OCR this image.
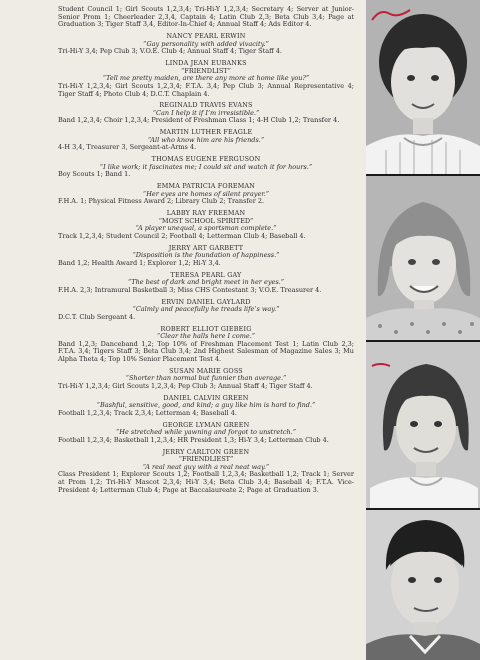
Student Council 1; Girl Scouts 1,2,3,4; Tri-Hi-Y 1,2,3,4; Secretary 4; Server at Junior-Senior Prom 1; Cheerleader 2,3,4, Captain 4; Latin Club 2,3; Beta Club 3,4; Page at Graduation 3; Tiger Staff 3,4, Editor-In-Chief 4; Annual Staff 4; Ads Editor 4.

NANCY PEARL ERWIN

“Gay personality with added vivacity.”

Tri-Hi-Y 3,4; Pep Club 3; V.O.E. Club 4; Annual Staff 4; Tiger Staff 4.

LINDA JEAN EUBANKS

“FRIENDLIST”

“Tell me pretty maiden, are there any more at home like you?”

Tri-Hi-Y 1,2,3,4; Girl Scouts 1,2,3,4; F.T.A. 3,4; Pep Club 3; Annual Representative 4; Tiger Staff 4; Photo Club 4; D.C.T. Chaplain 4.

REGINALD TRAVIS EVANS

“Can I help it if I’m irresistible.”

Band 1,2,3,4; Choir 1,2,3,4; President of Freshman Class 1; 4-H Club 1,2; Transfer 4.

MARTIN LUTHER FEAGLE

“All who know him are his friends.”

4-H 3,4, Treasurer 3, Sergeant-at-Arms 4.

THOMAS EUGENE FERGUSON

“I like work; it fascinates me; I could sit and watch it for hours.”

Boy Scouts 1; Band 1.

EMMA PATRICIA FOREMAN

“Her eyes are homes of silent prayer.”

F.H.A. 1; Physical Fitness Award 2; Library Club 2; Transfer 2.

LABBY RAY FREEMAN

“MOST SCHOOL SPIRITED”

“A player unequal, a sportsman complete.”

Track 1,2,3,4; Student Council 2; Football 4; Letterman Club 4; Baseball 4.

JERRY ART GARBETT

“Disposition is the foundation of happiness.”

Band 1,2; Health Award 1; Explorer 1,2; Hi-Y 3,4.

TERESA PEARL GAY

“The best of dark and bright meet in her eyes.”

F.H.A. 2,3; Intramural Basketball 3; Miss CHS Contestant 3; V.O.E. Treasurer 4.

ERVIN DANIEL GAYLARD

“Calmly and peacefully he treads life’s way.”

D.C.T. Club Sergeant 4.

ROBERT ELLIOT GIEBEIG

“Clear the halls here I come.”

Band 1,2,3; Danceband 1,2; Top 10% of Freshman Placement Test 1; Latin Club 2,3; F.T.A. 3,4; Tigers Staff 3; Beta Club 3,4; 2nd Highest Salesman of Magazine Sales 3; Mu Alpha Theta 4; Top 10% Senior Placement Test 4.

SUSAN MARIE GOSS

“Shorter than normal but funnier than average.”

Tri-Hi-Y 1,2,3,4; Girl Scouts 1,2,3,4; Pep Club 3; Annual Staff 4; Tiger Staff 4.

DANIEL CALVIN GREEN

“Bashful, sensitive, good, and kind; a guy like him is hard to find.”

Football 1,2,3,4; Track 2,3,4; Letterman 4; Baseball 4.

GEORGE LYMAN GREEN

“He stretched while yawning and forgot to unstretch.”

Football 1,2,3,4; Basketball 1,2,3,4; HR President 1,3; Hi-Y 3,4; Letterman Club 4.

JERRY CARLTON GREEN

“FRIENDLIEST”

“A real neat guy with a real neat way.”

Class President 1; Explorer Scouts 1,2; Football 1,2,3,4; Basketball 1,2; Track 1; Server at Prom 1,2; Tri-Hi-Y Mascot 2,3,4; Hi-Y 3,4; Beta Club 3,4; Baseball 4; F.T.A. Vice-President 4; Letterman Club 4; Page at Baccalaureate 2; Page at Graduation 3.
